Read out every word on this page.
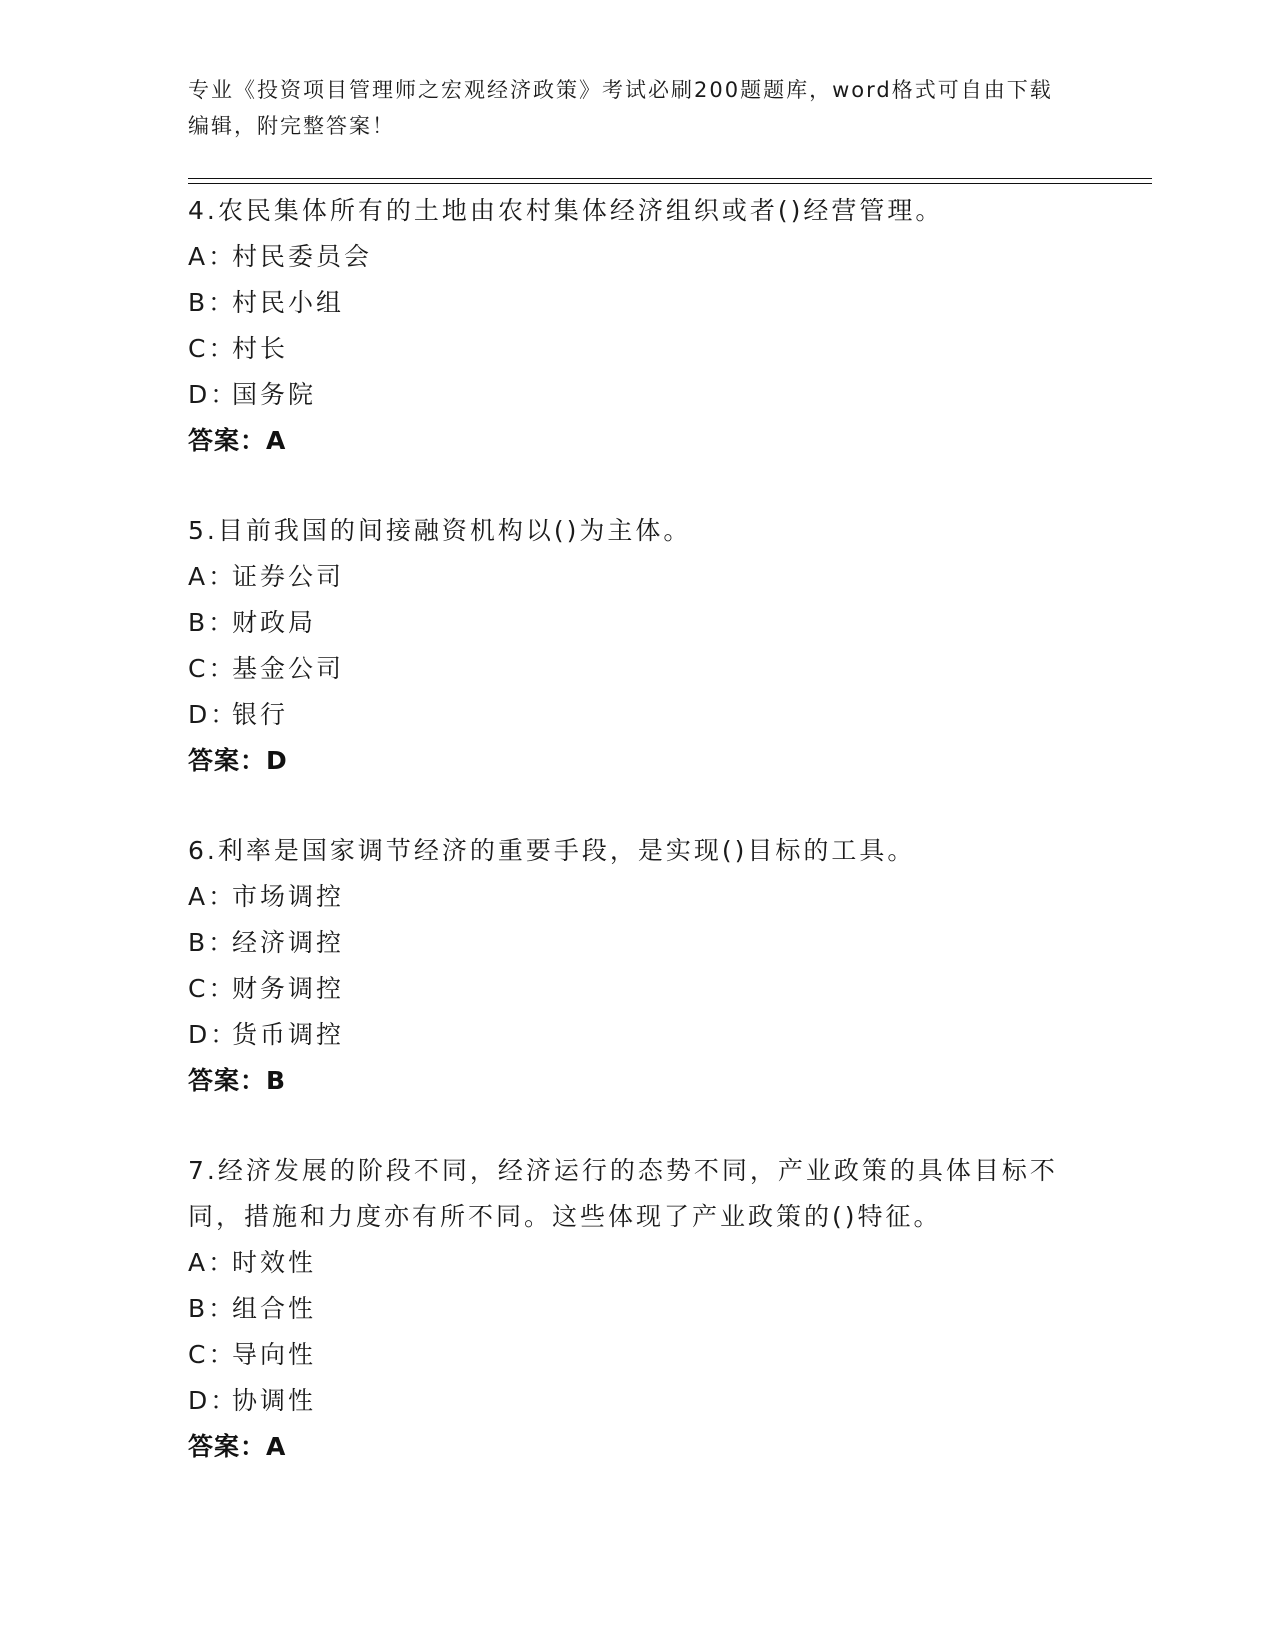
专业《投资项目管理师之宏观经济政策》考试必刷200题题库，word格式可自由下载编辑，附完整答案！

4.农民集体所有的土地由农村集体经济组织或者()经营管理。

A：村民委员会

B：村民小组

C：村长

D：国务院

答案：A

5.目前我国的间接融资机构以()为主体。

A：证券公司

B：财政局

C：基金公司

D：银行

答案：D

6.利率是国家调节经济的重要手段，是实现()目标的工具。

A：市场调控

B：经济调控

C：财务调控

D：货币调控

答案：B

7.经济发展的阶段不同，经济运行的态势不同，产业政策的具体目标不同，措施和力度亦有所不同。这些体现了产业政策的()特征。

A：时效性

B：组合性

C：导向性

D：协调性

答案：A
